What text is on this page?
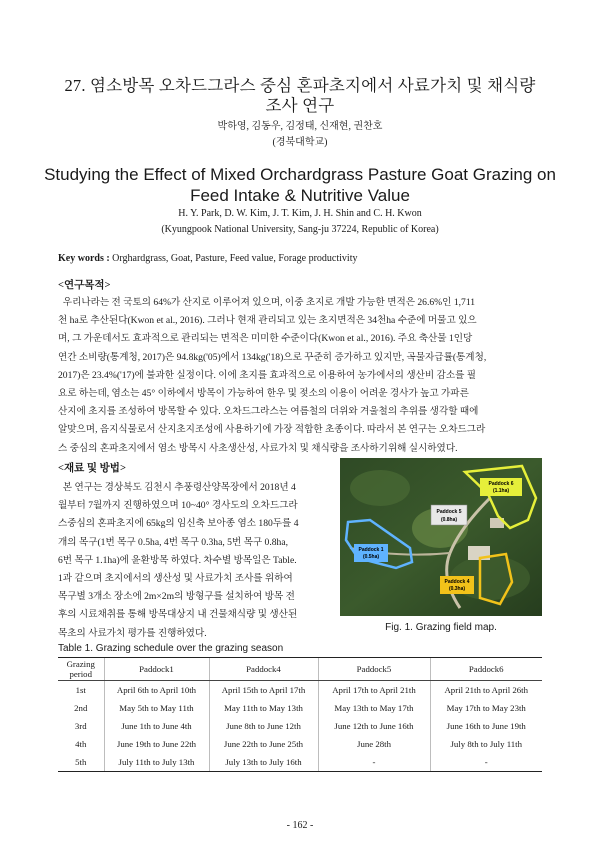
27. 염소방목 오차드그라스 중심 혼파초지에서 사료가치 및 채식량
조사 연구
박하영, 김동우, 김정태, 신재현, 권찬호
(경북대학교)
Studying the Effect of Mixed Orchardgrass Pasture Goat Grazing on
Feed Intake & Nutritive Value
H. Y. Park, D. W. Kim, J. T. Kim, J. H. Shin and C. H. Kwon
(Kyungpook National University, Sang-ju 37224, Republic of Korea)
Key words : Orghardgrass, Goat, Pasture, Feed value, Forage productivity
<연구목적>
우리나라는 전 국토의 64%가 산지로 이루어져 있으며, 이중 초지로 개발 가능한 면적은 26.6%인 1,711
천 ha로 추산된다(Kwon et al., 2016). 그러나 현재 관리되고 있는 초지면적은 34천ha 수준에 머물고 있으
며, 그 가운데서도 효과적으로 관리되는 면적은 미미한 수준이다(Kwon et al., 2016). 주요 축산물 1인당
연간 소비량(통계청, 2017)은 94.8kg('05)에서 134kg('18)으로 꾸준히 증가하고 있지만, 곡물자급률(통계청,
2017)은 23.4%('17)에 불과한 실정이다. 이에 초지를 효과적으로 이용하여 농가에서의 생산비 감소를 필
요로 하는데, 염소는 45° 이하에서 방목이 가능하여 한우 및 젖소의 이용이 어려운 경사가 높고 가파른
산지에 초지를 조성하여 방목할 수 있다. 오차드그라스는 여름철의 더위와 겨울철의 추위를 생각할 때에
알맞으며, 음지식물로서 산지초지조성에 사용하기에 가장 적합한 초종이다. 따라서 본 연구는 오차드그라
스 중심의 혼파초지에서 염소 방목시 사초생산성, 사료가치 및 채식량을 조사하기위해 실시하였다.
<재료 및 방법>
본 연구는 경상북도 김천시 추풍령산양목장에서 2018년 4
월부터 7월까지 진행하였으며 10~40° 경사도의 오차드그라
스중심의 혼파초지에 65kg의 임신축 보아종 염소 180두를 4
개의 목구(1번 목구 0.5ha, 4번 목구 0.3ha, 5번 목구 0.8ha,
6번 목구 1.1ha)에 윤환방목 하였다. 차수별 방목일은 Table.
1과 같으며 초지에서의 생산성 및 사료가치 조사를 위하여
목구별 3개소 장소에 2m×2m의 방형구를 설치하여 방목 전
후의 시료채취를 통해 방목대상지 내 건물채식량 및 생산된
목초의 사료가치 평가를 진행하였다.
Paddock 6
(1.1ha)
Paddock 5
(0.8ha)
Paddock 1
(0.5ha)
Paddock 4
(0.3ha)
Fig. 1. Grazing field map.
Table 1. Grazing schedule over the grazing season
Grazing
period	Paddock1	Paddock4	Paddock5	Paddock6
1st	April 6th to April 10th	April 15th to April 17th	April 17th to April 21th	April 21th to April 26th
2nd	May 5th to May 11th	May 11th to May 13th	May 13th to May 17th	May 17th to May 23th
3rd	June 1th to June 4th	June 8th to June 12th	June 12th to June 16th	June 16th to June 19th
4th	June 19th to June 22th	June 22th to June 25th	June 28th	July 8th to July 11th
5th	July 11th to July 13th	July 13th to July 16th	-	-
- 162 -
